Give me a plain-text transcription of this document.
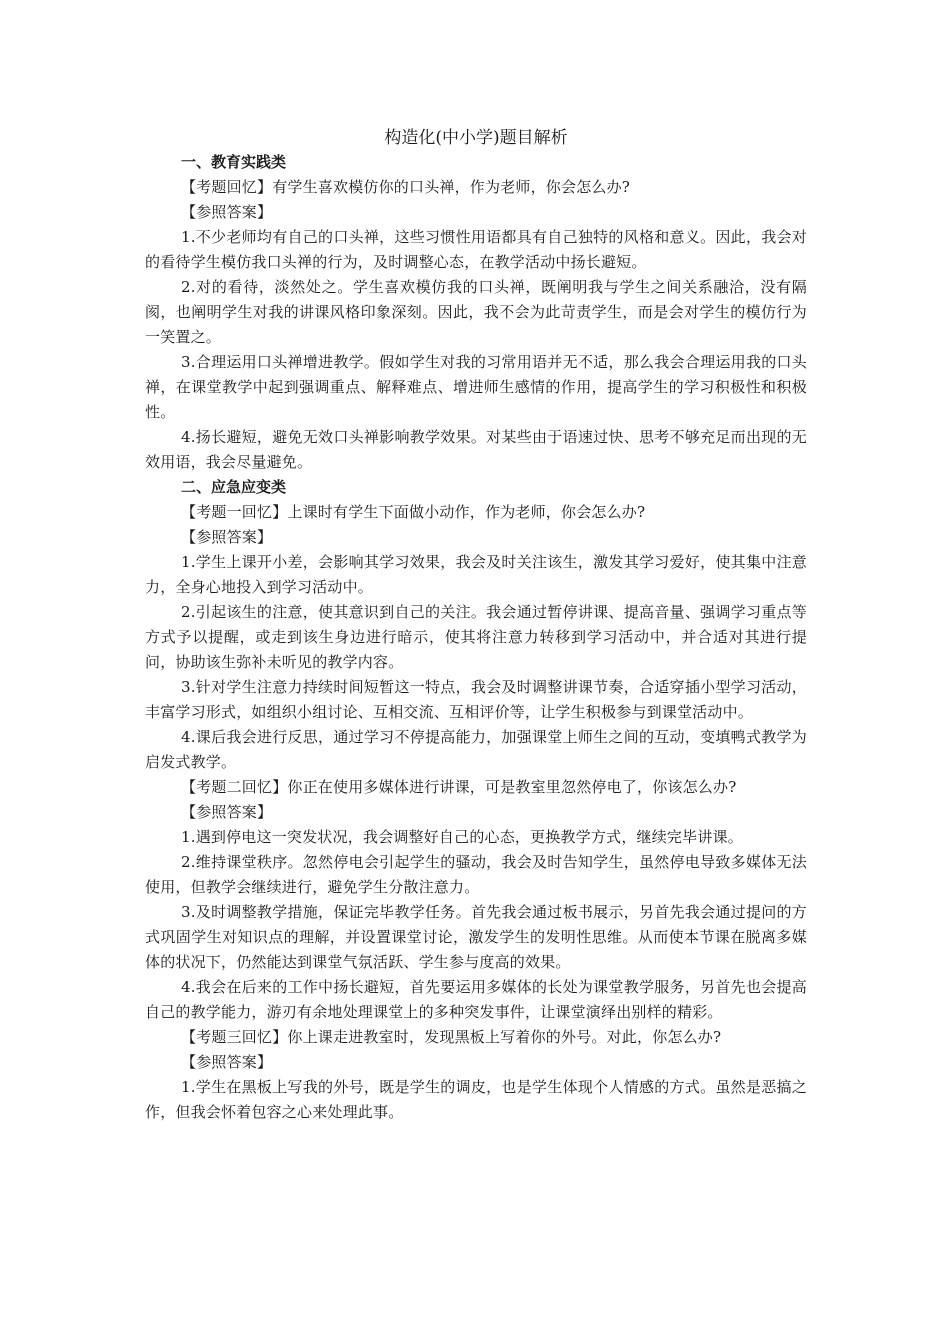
构造化(中小学)题目解析

一、教育实践类

【考题回忆】有学生喜欢模仿你的口头禅，作为老师，你会怎么办?

【参照答案】

1.不少老师均有自己的口头禅，这些习惯性用语都具有自己独特的风格和意义。因此，我会对的看待学生模仿我口头禅的行为，及时调整心态，在教学活动中扬长避短。

2.对的看待，淡然处之。学生喜欢模仿我的口头禅，既阐明我与学生之间关系融洽，没有隔阂，也阐明学生对我的讲课风格印象深刻。因此，我不会为此苛责学生，而是会对学生的模仿行为一笑置之。

3.合理运用口头禅增进教学。假如学生对我的习常用语并无不适，那么我会合理运用我的口头禅，在课堂教学中起到强调重点、解释难点、增进师生感情的作用，提高学生的学习积极性和积极性。

4.扬长避短，避免无效口头禅影响教学效果。对某些由于语速过快、思考不够充足而出现的无效用语，我会尽量避免。

二、应急应变类

【考题一回忆】上课时有学生下面做小动作，作为老师，你会怎么办?

【参照答案】

1.学生上课开小差，会影响其学习效果，我会及时关注该生，激发其学习爱好，使其集中注意力，全身心地投入到学习活动中。

2.引起该生的注意，使其意识到自己的关注。我会通过暂停讲课、提高音量、强调学习重点等方式予以提醒，或走到该生身边进行暗示，使其将注意力转移到学习活动中，并合适对其进行提问，协助该生弥补未听见的教学内容。

3.针对学生注意力持续时间短暂这一特点，我会及时调整讲课节奏，合适穿插小型学习活动，丰富学习形式，如组织小组讨论、互相交流、互相评价等，让学生积极参与到课堂活动中。

4.课后我会进行反思，通过学习不停提高能力，加强课堂上师生之间的互动，变填鸭式教学为启发式教学。

【考题二回忆】你正在使用多媒体进行讲课，可是教室里忽然停电了，你该怎么办?

【参照答案】

1.遇到停电这一突发状况，我会调整好自己的心态，更换教学方式，继续完毕讲课。

2.维持课堂秩序。忽然停电会引起学生的骚动，我会及时告知学生，虽然停电导致多媒体无法使用，但教学会继续进行，避免学生分散注意力。

3.及时调整教学措施，保证完毕教学任务。首先我会通过板书展示，另首先我会通过提问的方式巩固学生对知识点的理解，并设置课堂讨论，激发学生的发明性思维。从而使本节课在脱离多媒体的状况下，仍然能达到课堂气氛活跃、学生参与度高的效果。

4.我会在后来的工作中扬长避短，首先要运用多媒体的长处为课堂教学服务，另首先也会提高自己的教学能力，游刃有余地处理课堂上的多种突发事件，让课堂演绎出别样的精彩。

【考题三回忆】你上课走进教室时，发现黑板上写着你的外号。对此，你怎么办?

【参照答案】

1.学生在黑板上写我的外号，既是学生的调皮，也是学生体现个人情感的方式。虽然是恶搞之作，但我会怀着包容之心来处理此事。
